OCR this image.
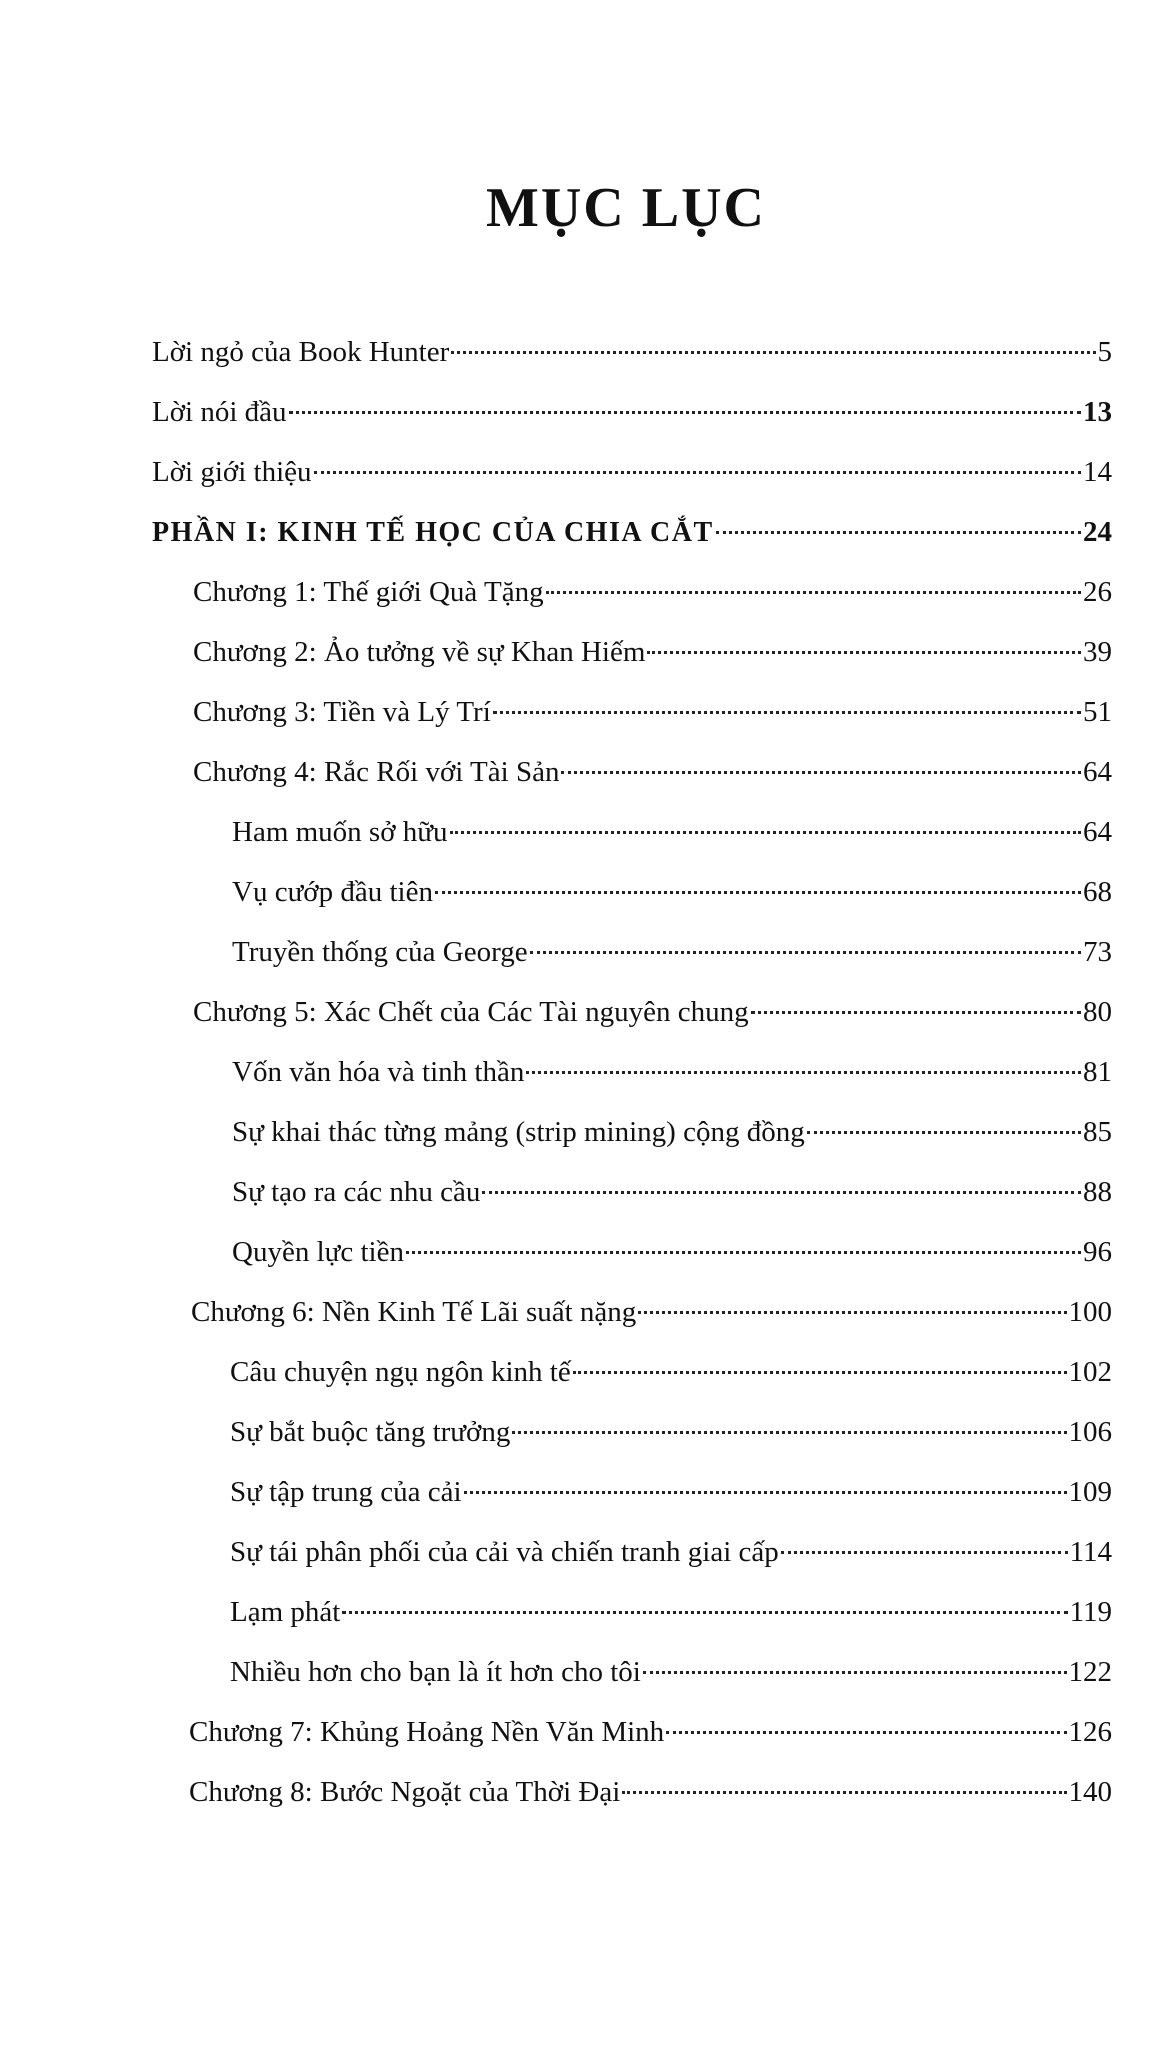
MỤC LỤC
Lời ngỏ của Book Hunter	5
Lời nói đầu	13
Lời giới thiệu	14
PHẦN I: KINH TẾ HỌC CỦA CHIA CẮT	24
Chương 1: Thế giới Quà Tặng	26
Chương 2: Ảo tưởng về sự Khan Hiếm	39
Chương 3: Tiền và Lý Trí	51
Chương 4: Rắc Rối với Tài Sản	64
Ham muốn sở hữu	64
Vụ cướp đầu tiên	68
Truyền thống của George	73
Chương 5: Xác Chết của Các Tài nguyên chung	80
Vốn văn hóa và tinh thần	81
Sự khai thác từng mảng (strip mining) cộng đồng	85
Sự tạo ra các nhu cầu	88
Quyền lực tiền	96
Chương 6: Nền Kinh Tế Lãi suất nặng	100
Câu chuyện ngụ ngôn kinh tế	102
Sự bắt buộc tăng trưởng	106
Sự tập trung của cải	109
Sự tái phân phối của cải và chiến tranh giai cấp	114
Lạm phát	119
Nhiều hơn cho bạn là ít hơn cho tôi	122
Chương 7: Khủng Hoảng Nền Văn Minh	126
Chương 8: Bước Ngoặt của Thời Đại	140
